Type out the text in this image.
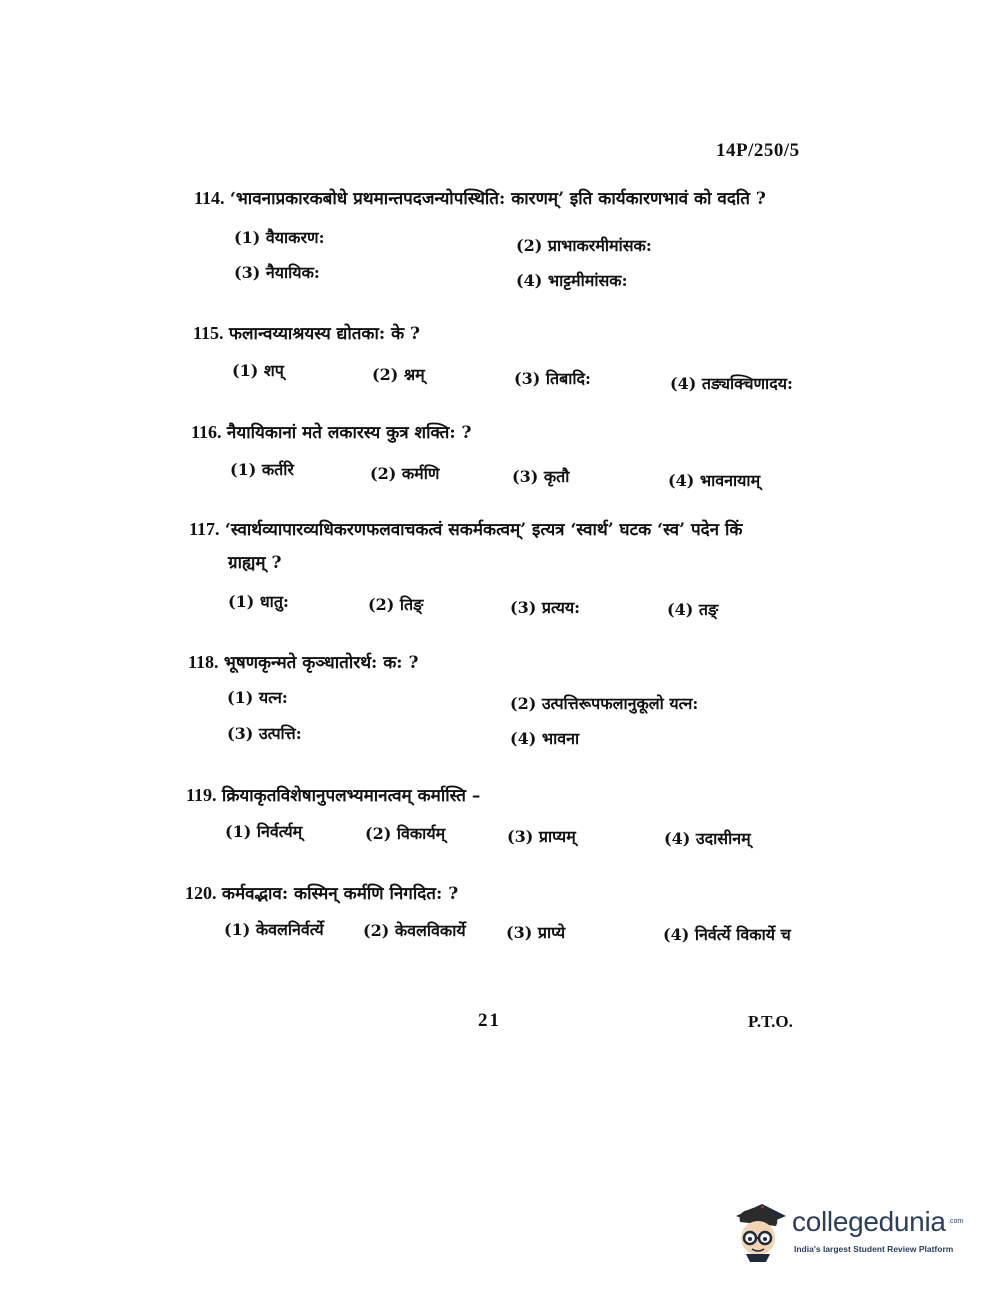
14P/250/5
114. ‘भावनाप्रकारकबोधे प्रथमान्तपदजन्योपस्थिति: कारणम्’ इति कार्यकारणभावं को वदति ?
(1) वैयाकरण:	(2) प्राभाकरमीमांसक:
(3) नैयायिक:	(4) भाट्टमीमांसक:
115. फलान्वय्याश्रयस्य द्योतका: के ?
(1) शप्	(2) श्नम्	(3) तिबादि:	(4) तङ्यक्चिणादय:
116. नैयायिकानां मते लकारस्य कुत्र शक्ति: ?
(1) कर्तरि	(2) कर्मणि	(3) कृतौ	(4) भावनायाम्
117. ‘स्वार्थव्यापारव्यधिकरणफलवाचकत्वं सकर्मकत्वम्’ इत्यत्र ‘स्वार्थ’ घटक ‘स्व’ पदेन किं
ग्राह्यम् ?
(1) धातु:	(2) तिङ्	(3) प्रत्यय:	(4) तङ्
118. भूषणकृन्मते कृञ्धातोरर्थ: क: ?
(1) यत्न:	(2) उत्पत्तिरूपफलानुकूलो यत्न:
(3) उत्पत्ति:	(4) भावना
119. क्रियाकृतविशेषानुपलभ्यमानत्वम् कर्मास्ति –
(1) निर्वर्त्यम्	(2) विकार्यम्	(3) प्राप्यम्	(4) उदासीनम्
120. कर्मवद्भाव: कस्मिन् कर्मणि निगदित: ?
(1) केवलनिर्वर्त्ये (2) केवलविकार्ये	(3) प्राप्ये	(4) निर्वर्त्ये विकार्ये च
21	P.T.O.
collegedunia .com
India's largest Student Review Platform
